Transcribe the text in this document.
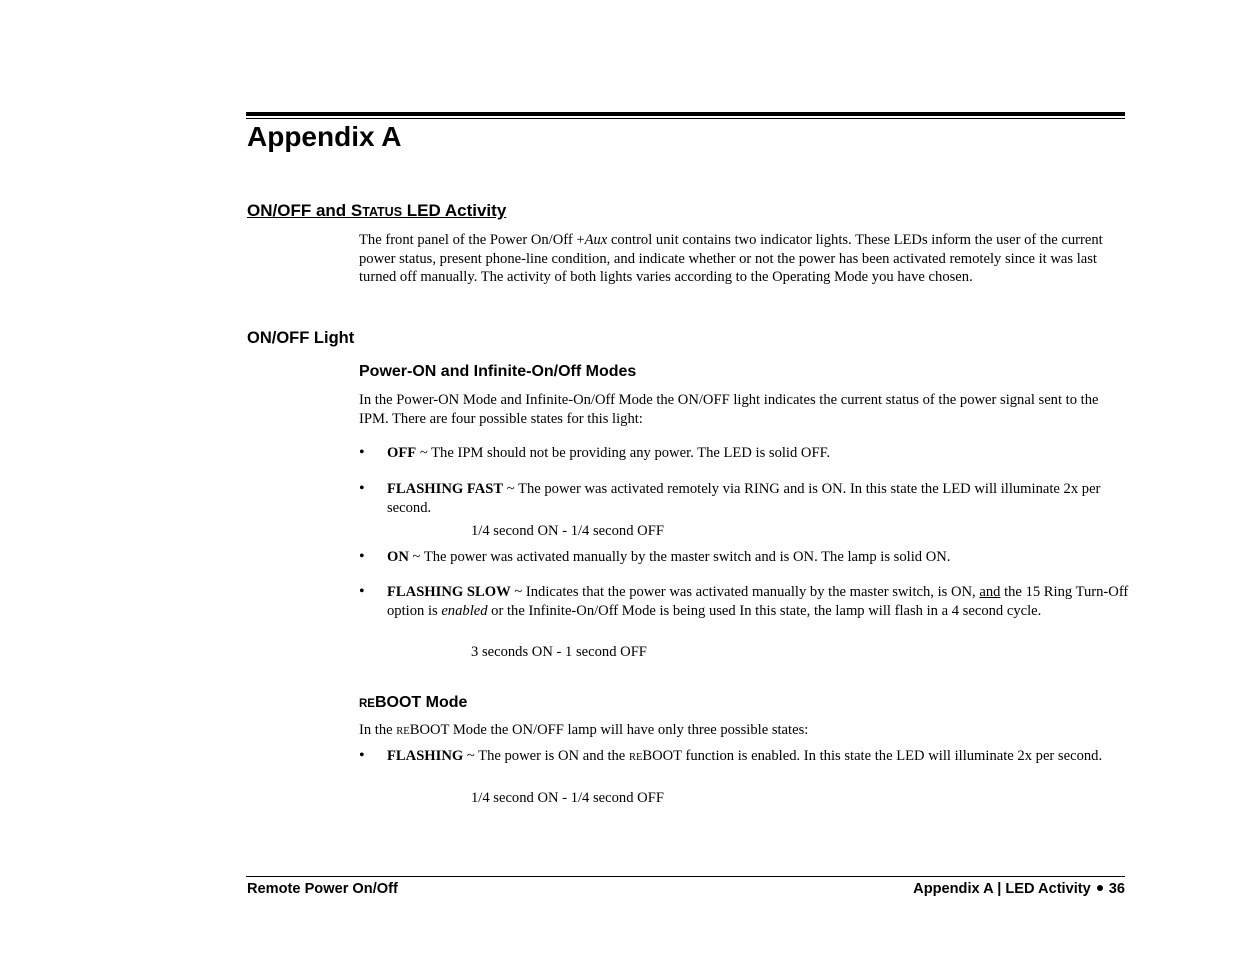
Appendix A
ON/OFF and STATUS LED Activity

The front panel of the Power On/Off +Aux control unit contains two indicator lights. These LEDs inform the user of the current power status, present phone-line condition, and indicate whether or not the power has been activated remotely since it was last turned off manually. The activity of both lights varies according to the Operating Mode you have chosen.

ON/OFF Light
Power-ON and Infinite-On/Off Modes

In the Power-ON Mode and Infinite-On/Off Mode the ON/OFF light indicates the current status of the power signal sent to the IPM. There are four possible states for this light:

• OFF ~ The IPM should not be providing any power. The LED is solid OFF.

• FLASHING FAST ~ The power was activated remotely via RING and is ON. In this state the LED will illuminate 2x per second.

1/4 second ON - 1/4 second OFF
• ON ~ The power was activated manually by the master switch and is ON. The lamp is solid ON.

• FLASHING SLOW ~ Indicates that the power was activated manually by the master switch, is ON, and the 15 Ring Turn-Off option is enabled or the Infinite-On/Off Mode is being used In this state, the lamp will flash in a 4 second cycle.

3 seconds ON - 1 second OFF
REBOOT Mode

In the REBOOT Mode the ON/OFF lamp will have only three possible states:

• FLASHING ~ The power is ON and the REBOOT function is enabled. In this state the LED will illuminate 2x per second.

1/4 second ON - 1/4 second OFF
Remote Power On/Off	Appendix A | LED Activity 36
